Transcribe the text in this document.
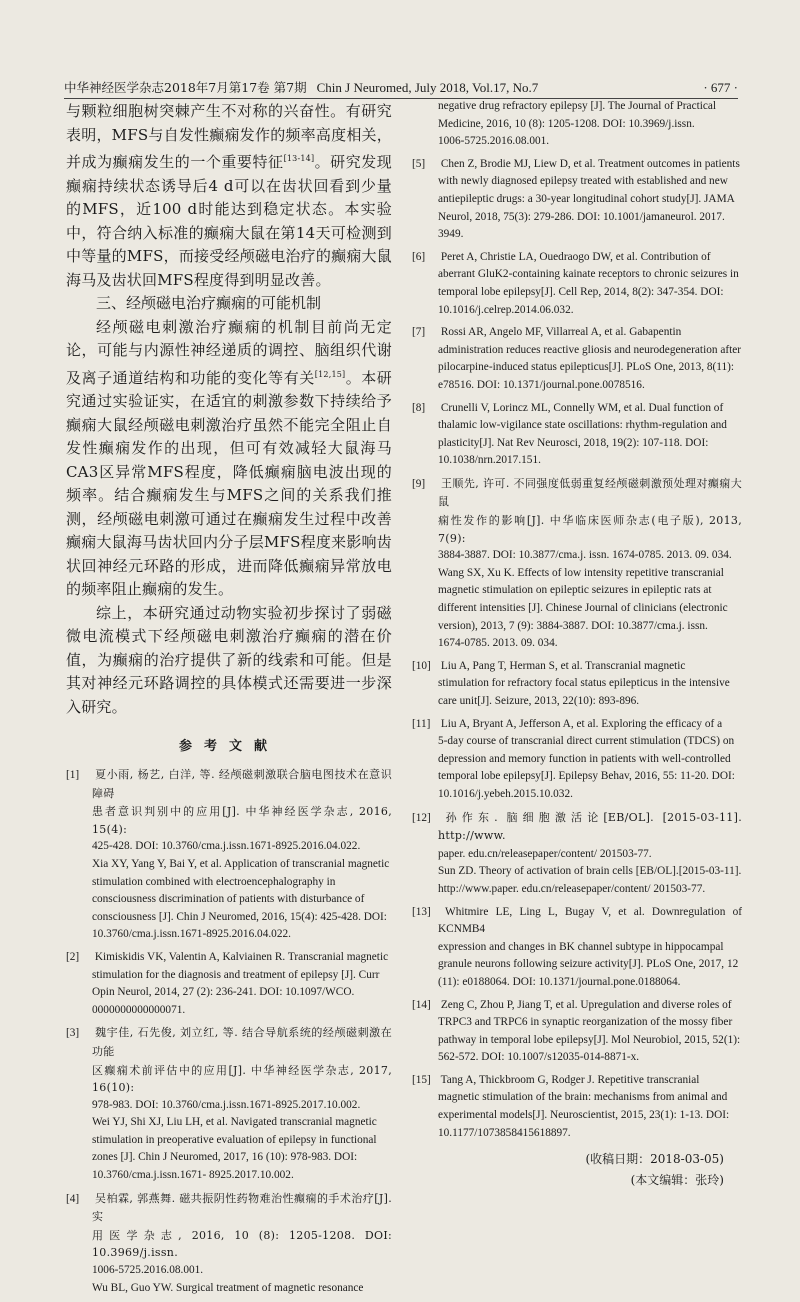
中华神经医学杂志2018年7月第17卷 第7期 Chin J Neuromed, July 2018, Vol.17, No.7	· 677 ·

与颗粒细胞树突棘产生不对称的兴奋性。有研究表明，MFS与自发性癫痫发作的频率高度相关，并成为癫痫发生的一个重要特征[13-14]。研究发现癫痫持续状态诱导后4 d可以在齿状回看到少量的MFS，近100 d时能达到稳定状态。本实验中，符合纳入标准的癫痫大鼠在第14天可检测到中等量的MFS，而接受经颅磁电治疗的癫痫大鼠海马及齿状回MFS程度得到明显改善。

三、经颅磁电治疗癫痫的可能机制

经颅磁电刺激治疗癫痫的机制目前尚无定论，可能与内源性神经递质的调控、脑组织代谢及离子通道结构和功能的变化等有关[12,15]。本研究通过实验证实，在适宜的刺激参数下持续给予癫痫大鼠经颅磁电刺激治疗虽然不能完全阻止自发性癫痫发作的出现，但可有效减轻大鼠海马CA3区异常MFS程度，降低癫痫脑电波出现的频率。结合癫痫发生与MFS之间的关系我们推测，经颅磁电刺激可通过在癫痫发生过程中改善癫痫大鼠海马齿状回内分子层MFS程度来影响齿状回神经元环路的形成，进而降低癫痫异常放电的频率阻止癫痫的发生。

综上，本研究通过动物实验初步探讨了弱磁微电流模式下经颅磁电刺激治疗癫痫的潜在价值，为癫痫的治疗提供了新的线索和可能。但是其对神经元环路调控的具体模式还需要进一步深入研究。

参考文献
[1] 夏小雨, 杨艺, 白洋, 等. 经颅磁刺激联合脑电图技术在意识障碍
患者意识判别中的应用[J]. 中华神经医学杂志, 2016, 15(4):
425-428. DOI: 10.3760/cma.j.issn.1671-8925.2016.04.022.
Xia XY, Yang Y, Bai Y, et al. Application of transcranial magnetic
stimulation combined with electroencephalography in
consciousness discrimination of patients with disturbance of
consciousness [J]. Chin J Neuromed, 2016, 15(4): 425-428. DOI:
10.3760/cma.j.issn.1671-8925.2016.04.022.
[2] Kimiskidis VK, Valentin A, Kalviainen R. Transcranial magnetic
stimulation for the diagnosis and treatment of epilepsy [J]. Curr
Opin Neurol, 2014, 27 (2): 236-241. DOI: 10.1097/WCO.
0000000000000071.
[3] 魏宇佳, 石先俊, 刘立红, 等. 结合导航系统的经颅磁刺激在功能
区癫痫术前评估中的应用[J]. 中华神经医学杂志, 2017, 16(10):
978-983. DOI: 10.3760/cma.j.issn.1671-8925.2017.10.002.
Wei YJ, Shi XJ, Liu LH, et al. Navigated transcranial magnetic
stimulation in preoperative evaluation of epilepsy in functional
zones [J]. Chin J Neuromed, 2017, 16 (10): 978-983. DOI:
10.3760/cma.j.issn.1671- 8925.2017.10.002.
[4] 吴柏霖, 郭燕舞. 磁共振阴性药物难治性癫痫的手术治疗[J]. 实
用医学杂志, 2016, 10 (8): 1205-1208. DOI: 10.3969/j.issn.
1006-5725.2016.08.001.
Wu BL, Guo YW. Surgical treatment of magnetic resonance
negative drug refractory epilepsy [J]. The Journal of Practical
Medicine, 2016, 10 (8): 1205-1208. DOI: 10.3969/j.issn.
1006-5725.2016.08.001.
[5] Chen Z, Brodie MJ, Liew D, et al. Treatment outcomes in patients
with newly diagnosed epilepsy treated with established and new
antiepileptic drugs: a 30-year longitudinal cohort study[J]. JAMA
Neurol, 2018, 75(3): 279-286. DOI: 10.1001/jamaneurol. 2017.
3949.
[6] Peret A, Christie LA, Ouedraogo DW, et al. Contribution of
aberrant GluK2-containing kainate receptors to chronic seizures in
temporal lobe epilepsy[J]. Cell Rep, 2014, 8(2): 347-354. DOI:
10.1016/j.celrep.2014.06.032.
[7] Rossi AR, Angelo MF, Villarreal A, et al. Gabapentin
administration reduces reactive gliosis and neurodegeneration after
pilocarpine-induced status epilepticus[J]. PLoS One, 2013, 8(11):
e78516. DOI: 10.1371/journal.pone.0078516.
[8] Crunelli V, Lorincz ML, Connelly WM, et al. Dual function of
thalamic low-vigilance state oscillations: rhythm-regulation and
plasticity[J]. Nat Rev Neurosci, 2018, 19(2): 107-118. DOI:
10.1038/nrn.2017.151.
[9] 王顺先, 许可. 不同强度低弱重复经颅磁刺激预处理对癫痫大鼠
痫性发作的影响[J]. 中华临床医师杂志(电子版), 2013, 7(9):
3884-3887. DOI: 10.3877/cma.j. issn. 1674-0785. 2013. 09. 034.
Wang SX, Xu K. Effects of low intensity repetitive transcranial
magnetic stimulation on epileptic seizures in epileptic rats at
different intensities [J]. Chinese Journal of clinicians (electronic
version), 2013, 7 (9): 3884-3887. DOI: 10.3877/cma.j. issn.
1674-0785. 2013. 09. 034.
[10] Liu A, Pang T, Herman S, et al. Transcranial magnetic
stimulation for refractory focal status epilepticus in the intensive
care unit[J]. Seizure, 2013, 22(10): 893-896.
[11] Liu A, Bryant A, Jefferson A, et al. Exploring the efficacy of a
5-day course of transcranial direct current stimulation (TDCS) on
depression and memory function in patients with well-controlled
temporal lobe epilepsy[J]. Epilepsy Behav, 2016, 55: 11-20. DOI:
10.1016/j.yebeh.2015.10.032.
[12] 孙作东. 脑细胞激活论[EB/OL]. [2015-03-11]. http://www.
paper. edu.cn/releasepaper/content/ 201503-77.
Sun ZD. Theory of activation of brain cells [EB/OL].[2015-03-11].
http://www.paper. edu.cn/releasepaper/content/ 201503-77.
[13] Whitmire LE, Ling L, Bugay V, et al. Downregulation of KCNMB4
expression and changes in BK channel subtype in hippocampal
granule neurons following seizure activity[J]. PLoS One, 2017, 12
(11): e0188064. DOI: 10.1371/journal.pone.0188064.
[14] Zeng C, Zhou P, Jiang T, et al. Upregulation and diverse roles of
TRPC3 and TRPC6 in synaptic reorganization of the mossy fiber
pathway in temporal lobe epilepsy[J]. Mol Neurobiol, 2015, 52(1):
562-572. DOI: 10.1007/s12035-014-8871-x.
[15] Tang A, Thickbroom G, Rodger J. Repetitive transcranial
magnetic stimulation of the brain: mechanisms from animal and
experimental models[J]. Neuroscientist, 2015, 23(1): 1-13. DOI:
10.1177/1073858415618897.
(收稿日期：2018-03-05)
(本文编辑：张玲)
